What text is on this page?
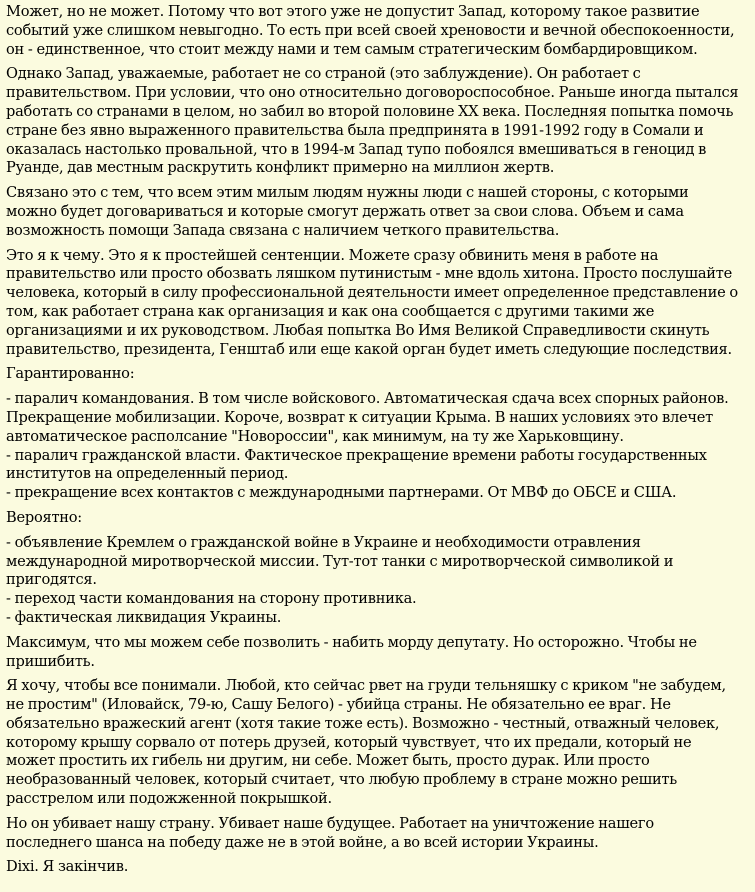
Может, но не может. Потому что вот этого уже не допустит Запад, которому такое развитие
событий уже слишком невыгодно. То есть при всей своей хреновости и вечной обеспокоенности,
он - единственное, что стоит между нами и тем самым стратегическим бомбардировщиком.

Однако Запад, уважаемые, работает не со страной (это заблуждение). Он работает с
правительством. При условии, что оно относительно договороспособное. Раньше иногда пытался
работать со странами в целом, но забил во второй половине XX века. Последняя попытка помочь
стране без явно выраженного правительства была предпринята в 1991-1992 году в Сомали и
оказалась настолько провальной, что в 1994-м Запад тупо побоялся вмешиваться в геноцид в
Руанде, дав местным раскрутить конфликт примерно на миллион жертв.

Связано это с тем, что всем этим милым людям нужны люди с нашей стороны, с которыми
можно будет договариваться и которые смогут держать ответ за свои слова. Объем и сама
возможность помощи Запада связана с наличием четкого правительства.

Это я к чему. Это я к простейшей сентенции. Можете сразу обвинить меня в работе на
правительство или просто обозвать ляшком путинистым - мне вдоль хитона. Просто послушайте
человека, который в силу профессиональной деятельности имеет определенное представление о
том, как работает страна как организация и как она сообщается с другими такими же
организациями и их руководством. Любая попытка Во Имя Великой Справедливости скинуть
правительство, президента, Генштаб или еще какой орган будет иметь следующие последствия.

Гарантированно:

- паралич командования. В том числе войскового. Автоматическая сдача всех спорных районов.
Прекращение мобилизации. Короче, возврат к ситуации Крыма. В наших условиях это влечет
автоматическое располсание "Новороссии", как минимум, на ту же Харьковщину.
- паралич гражданской власти. Фактическое прекращение времени работы государственных
институтов на определенный период.
- прекращение всех контактов с международными партнерами. От МВФ до ОБСЕ и США.

Вероятно:

- объявление Кремлем о гражданской войне в Украине и необходимости отравления
международной миротворческой миссии. Тут-тот танки с миротворческой символикой и
пригодятся.
- переход части командования на сторону противника.
- фактическая ликвидация Украины.

Максимум, что мы можем себе позволить - набить морду депутату. Но осторожно. Чтобы не
пришибить.

Я хочу, чтобы все понимали. Любой, кто сейчас рвет на груди тельняшку с криком "не забудем,
не простим" (Иловайск, 79-ю, Сашу Белого) - убийца страны. Не обязательно ее враг. Не
обязательно вражеский агент (хотя такие тоже есть). Возможно - честный, отважный человек,
которому крышу сорвало от потерь друзей, который чувствует, что их предали, который не
может простить их гибель ни другим, ни себе. Может быть, просто дурак. Или просто
необразованный человек, который считает, что любую проблему в стране можно решить
расстрелом или подожженной покрышкой.

Но он убивает нашу страну. Убивает наше будущее. Работает на уничтожение нашего
последнего шанса на победу даже не в этой войне, а во всей истории Украины.

Dixi. Я закінчив.
